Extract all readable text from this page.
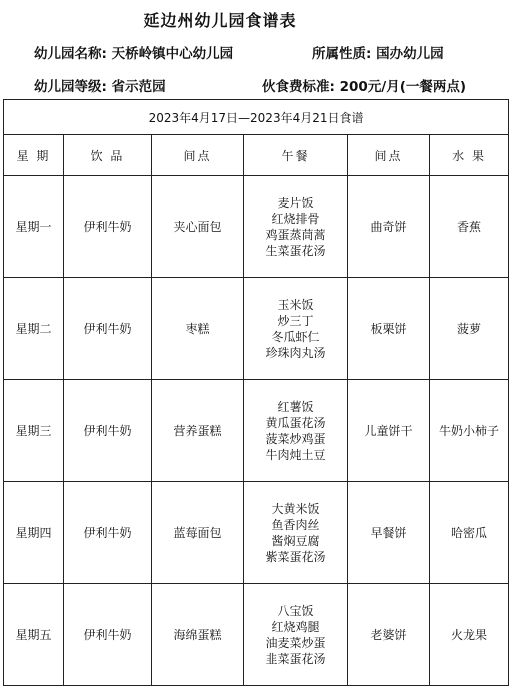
延边州幼儿园食谱表
幼儿园名称: 天桥岭镇中心幼儿园	所属性质: 国办幼儿园
幼儿园等级: 省示范园	伙食费标准: 200元/月(一餐两点)
2023年4月17日—2023年4月21日食谱					
星 期	饮 品	间点	午餐	间点	水 果
星期一	伊利牛奶	夹心面包	麦片饭
红烧排骨
鸡蛋蒸茼蒿
生菜蛋花汤	曲奇饼	香蕉
星期二	伊利牛奶	枣糕	玉米饭
炒三丁
冬瓜虾仁
珍珠肉丸汤	板栗饼	菠萝
星期三	伊利牛奶	营养蛋糕	红薯饭
黄瓜蛋花汤
菠菜炒鸡蛋
牛肉炖土豆	儿童饼干	牛奶小柿子
星期四	伊利牛奶	蓝莓面包	大黄米饭
鱼香肉丝
酱焖豆腐
紫菜蛋花汤	早餐饼	哈密瓜
星期五	伊利牛奶	海绵蛋糕	八宝饭
红烧鸡腿
油麦菜炒蛋
韭菜蛋花汤	老婆饼	火龙果
